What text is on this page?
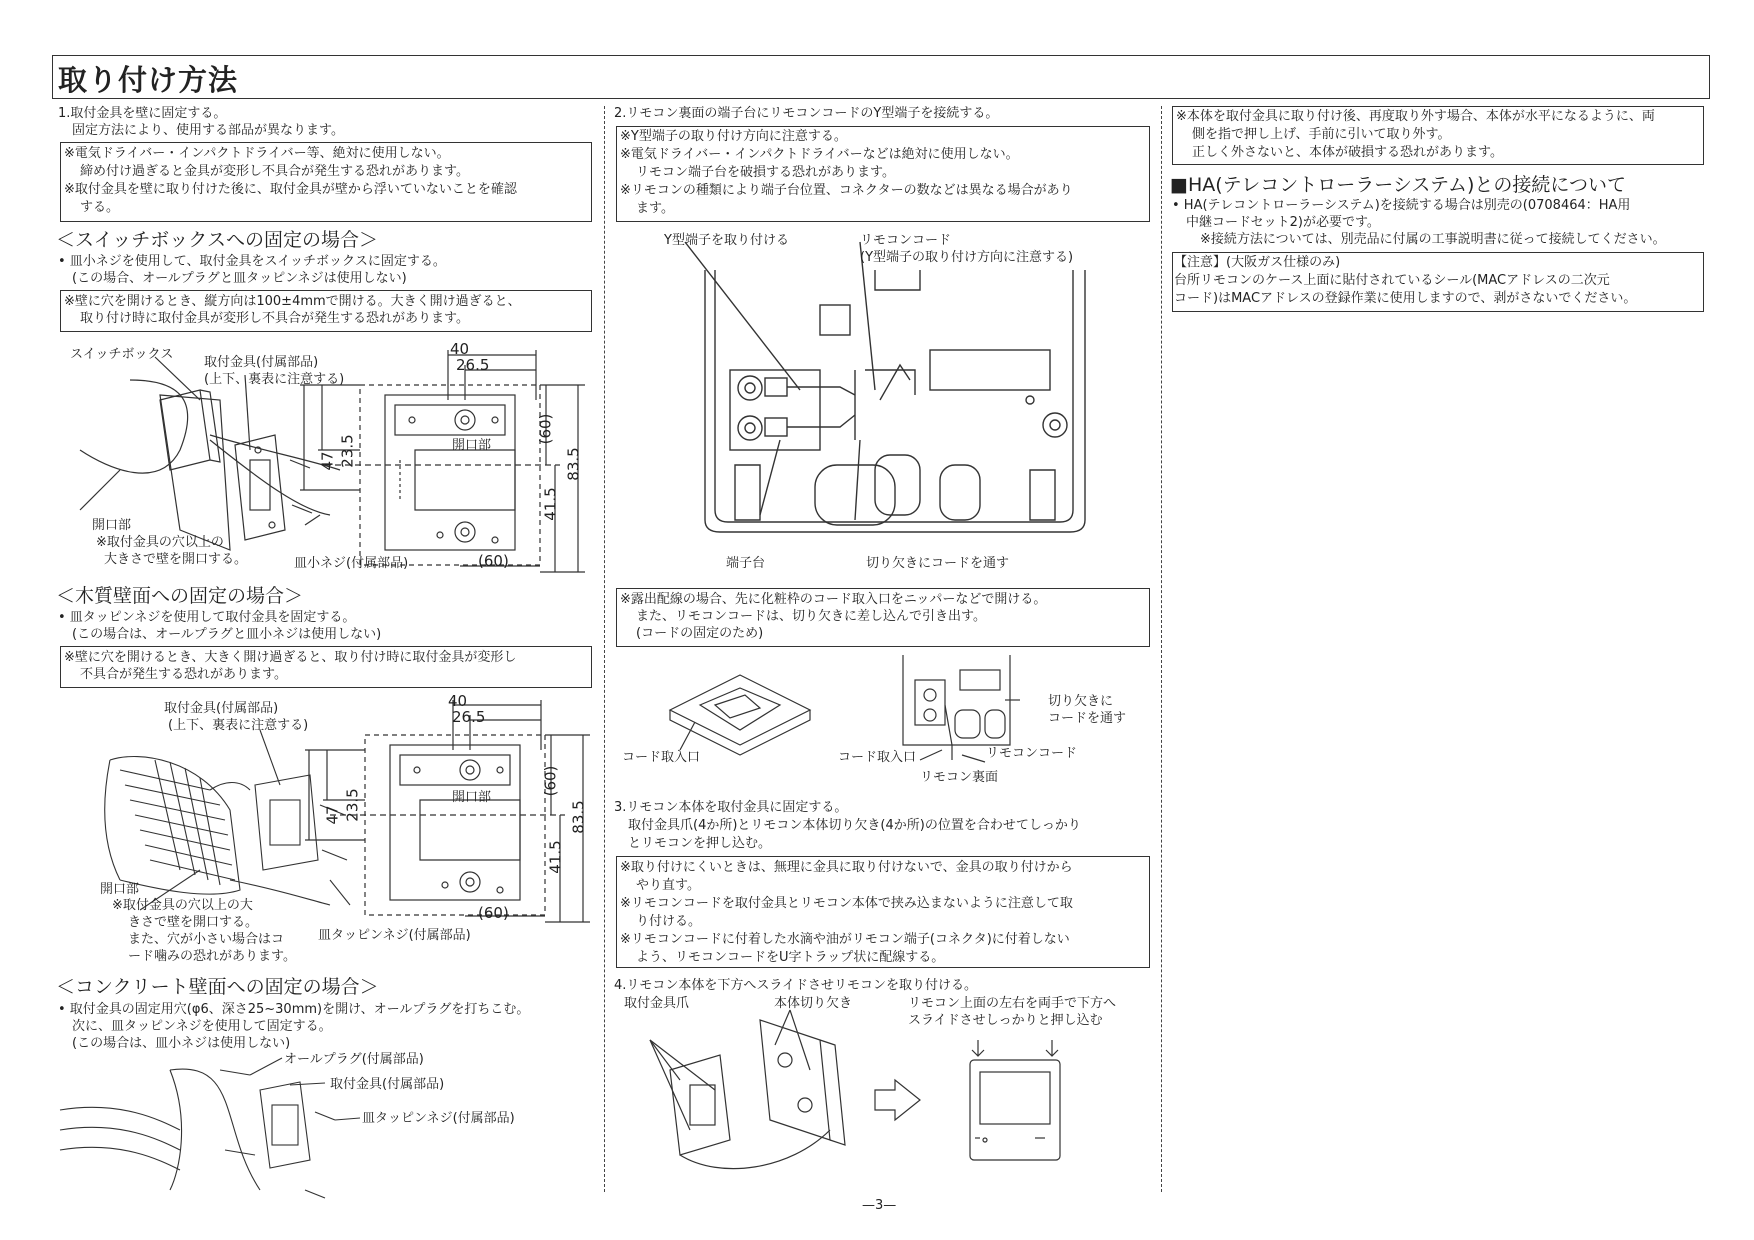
取り付け方法
1.取付金具を壁に固定する。
固定方法により、使用する部品が異なります。
※電気ドライバー・インパクトドライバー等、絶対に使用しない。
締め付け過ぎると金具が変形し不具合が発生する恐れがあります。
※取付金具を壁に取り付けた後に、取付金具が壁から浮いていないことを確認
する。
＜スイッチボックスへの固定の場合＞
• 皿小ネジを使用して、取付金具をスイッチボックスに固定する。
(この場合、オールプラグと皿タッピンネジは使用しない)
※壁に穴を開けるとき、縦方向は100±4mmで開ける。大きく開け過ぎると、
取り付け時に取付金具が変形し不具合が発生する恐れがあります。
スイッチボックス
取付金具(付属部品)
(上下、裏表に注意する)
開口部
※取付金具の穴以上の
大きさで壁を開口する。	皿小ネジ(付属部品)
開口部
40
26.5
(60)
83.5
41.5
47 23.5
(60)
＜木質壁面への固定の場合＞
• 皿タッピンネジを使用して取付金具を固定する。
(この場合は、オールプラグと皿小ネジは使用しない)
※壁に穴を開けるとき、大きく開け過ぎると、取り付け時に取付金具が変形し
不具合が発生する恐れがあります。
取付金具(付属部品)
(上下、裏表に注意する)
開口部
※取付金具の穴以上の大
きさで壁を開口する。
また、穴が小さい場合はコ
ード噛みの恐れがあります。
皿タッピンネジ(付属部品)
開口部
40
26.5
(60)
83.5
41.5
47 23.5
(60)
＜コンクリート壁面への固定の場合＞
• 取付金具の固定用穴(φ6、深さ25~30mm)を開け、オールプラグを打ちこむ。
次に、皿タッピンネジを使用して固定する。
(この場合は、皿小ネジは使用しない)
オールプラグ(付属部品)
取付金具(付属部品)
皿タッピンネジ(付属部品)
2.リモコン裏面の端子台にリモコンコードのY型端子を接続する。
※Y型端子の取り付け方向に注意する。
※電気ドライバー・インパクトドライバーなどは絶対に使用しない。
リモコン端子台を破損する恐れがあります。
※リモコンの種類により端子台位置、コネクターの数などは異なる場合があり
ます。
Y型端子を取り付ける	リモコンコード
(Y型端子の取り付け方向に注意する)
端子台	切り欠きにコードを通す
※露出配線の場合、先に化粧枠のコード取入口をニッパーなどで開ける。
また、リモコンコードは、切り欠きに差し込んで引き出す。
(コードの固定のため)
コード取入口
切り欠きに
コードを通す
コード取入口	リモコンコード
リモコン裏面
3.リモコン本体を取付金具に固定する。
取付金具爪(4か所)とリモコン本体切り欠き(4か所)の位置を合わせてしっかり
とリモコンを押し込む。
※取り付けにくいときは、無理に金具に取り付けないで、金具の取り付けから
やり直す。
※リモコンコードを取付金具とリモコン本体で挟み込まないように注意して取
り付ける。
※リモコンコードに付着した水滴や油がリモコン端子(コネクタ)に付着しない
よう、リモコンコードをU字トラップ状に配線する。
4.リモコン本体を下方へスライドさせリモコンを取り付ける。
取付金具爪	本体切り欠き	リモコン上面の左右を両手で下方へ
スライドさせしっかりと押し込む
—3—
※本体を取付金具に取り付け後、再度取り外す場合、本体が水平になるように、両
側を指で押し上げ、手前に引いて取り外す。
正しく外さないと、本体が破損する恐れがあります。
■HA(テレコントローラーシステム)との接続について
• HA(テレコントローラーシステム)を接続する場合は別売の(0708464：HA用
中継コードセット2)が必要です。
※接続方法については、別売品に付属の工事説明書に従って接続してください。
【注意】(大阪ガス仕様のみ)
台所リモコンのケース上面に貼付されているシール(MACアドレスの二次元
コード)はMACアドレスの登録作業に使用しますので、剥がさないでください。
